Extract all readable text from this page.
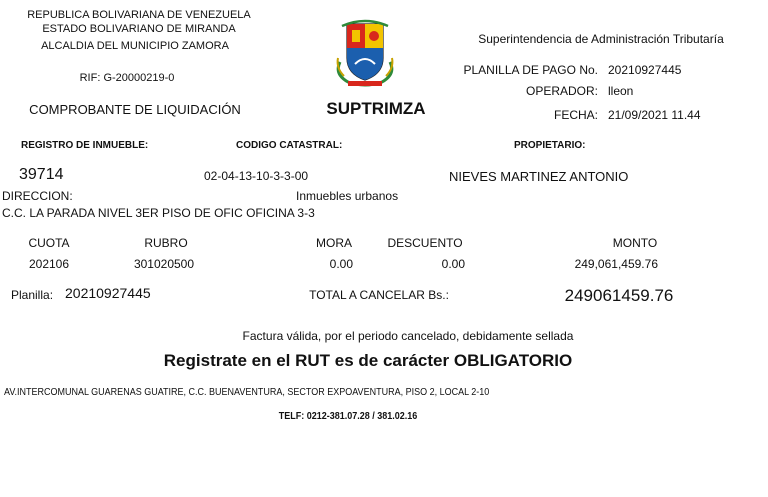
REPUBLICA BOLIVARIANA DE VENEZUELA
ESTADO BOLIVARIANO DE MIRANDA
ALCALDIA DEL MUNICIPIO ZAMORA
RIF: G-20000219-0
COMPROBANTE DE LIQUIDACIÓN	SUPTRIMZA
Superintendencia de Administración Tributaría
PLANILLA DE PAGO No. 20210927445
OPERADOR: lleon
FECHA: 21/09/2021 11.44
REGISTRO DE INMUEBLE:	CODIGO CATASTRAL:	PROPIETARIO:
39714	02-04-13-10-3-3-00	NIEVES MARTINEZ ANTONIO
DIRECCION:	Inmuebles urbanos
C.C. LA PARADA NIVEL 3ER PISO DE OFIC OFICINA 3-3
CUOTA	RUBRO	MORA	DESCUENTO	MONTO
202106	301020500	0.00	0.00	249,061,459.76
Planilla: 20210927445	TOTAL A CANCELAR Bs.:	249061459.76
Factura válida, por el periodo cancelado, debidamente sellada
Registrate en el RUT es de carácter OBLIGATORIO
AV.INTERCOMUNAL GUARENAS GUATIRE, C.C. BUENAVENTURA, SECTOR EXPOAVENTURA, PISO 2, LOCAL 2-10
TELF: 0212-381.07.28 / 381.02.16
